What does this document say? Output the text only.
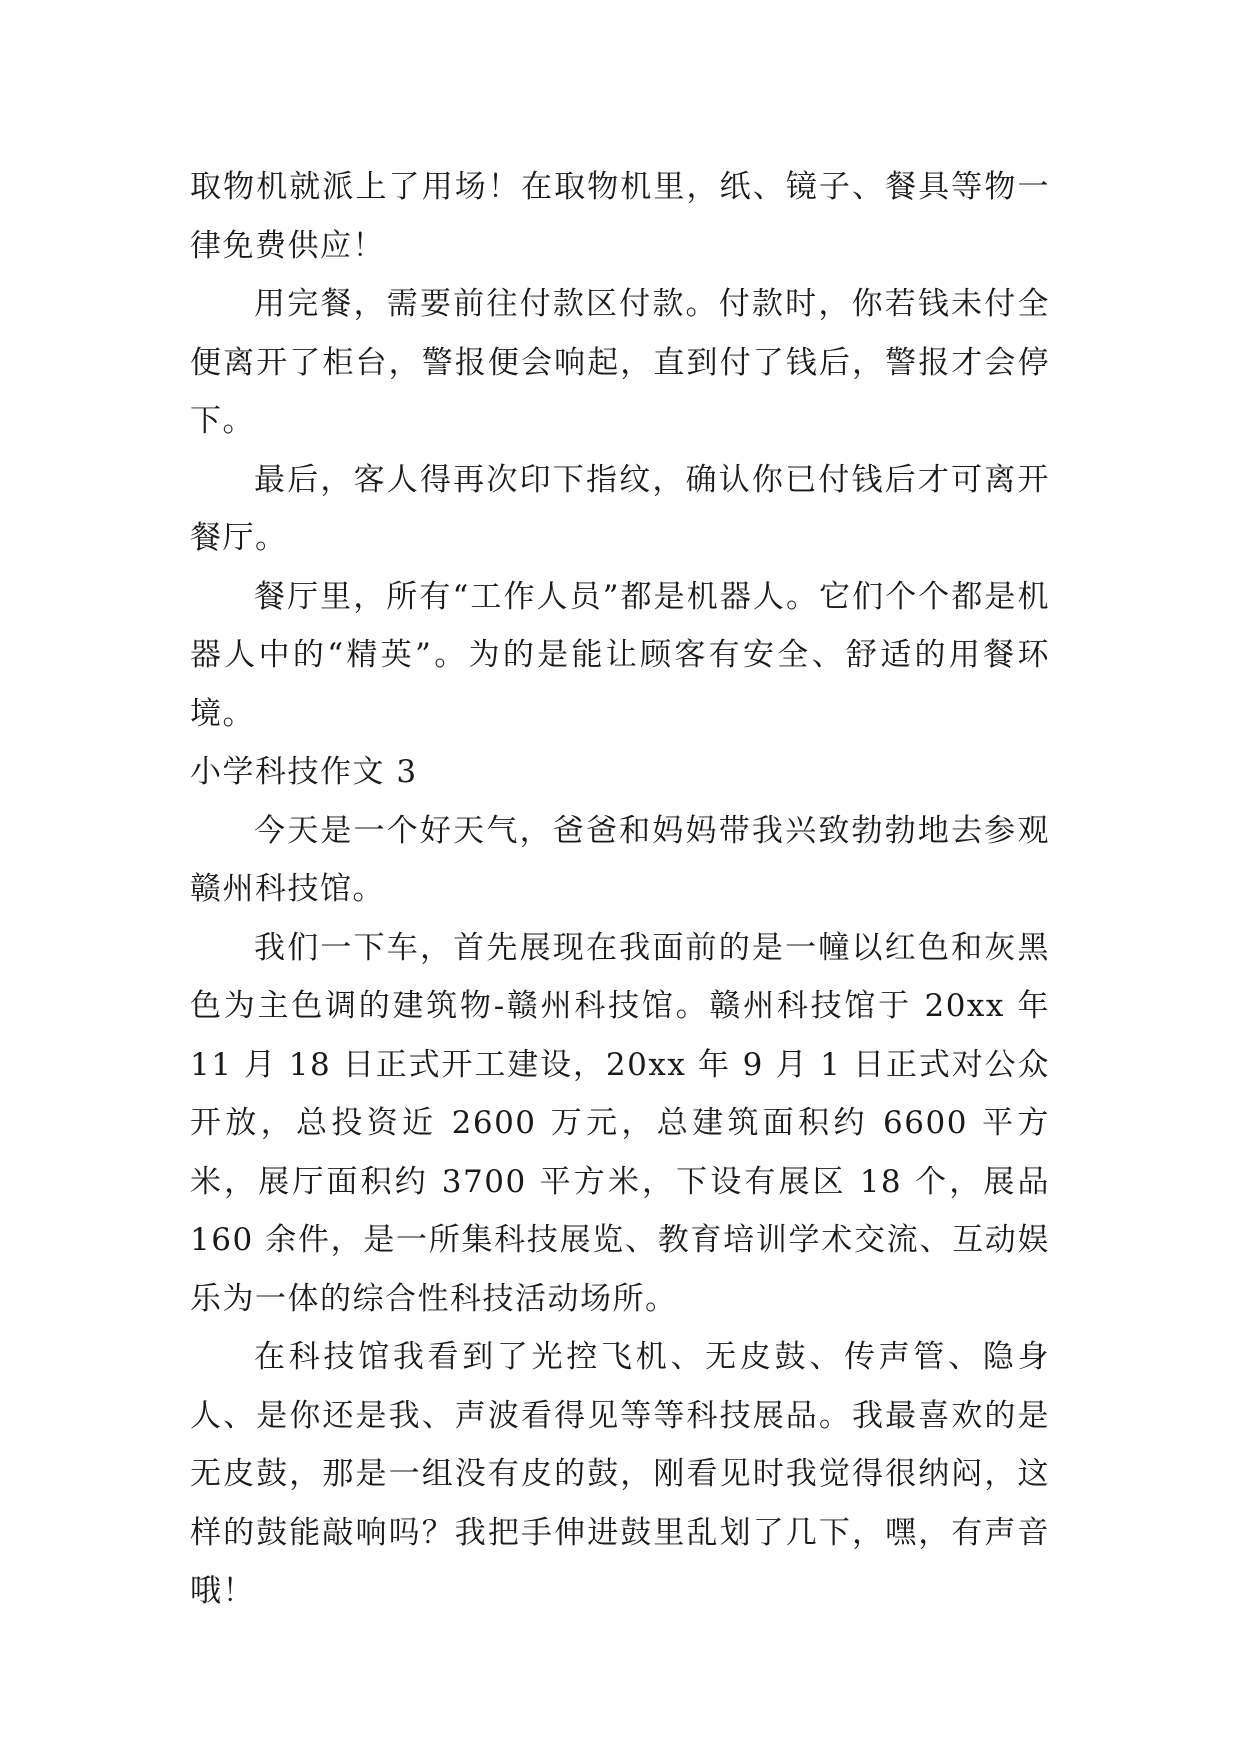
取物机就派上了用场！在取物机里，纸、镜子、餐具等物一律免费供应！

用完餐，需要前往付款区付款。付款时，你若钱未付全便离开了柜台，警报便会响起，直到付了钱后，警报才会停下。

最后，客人得再次印下指纹，确认你已付钱后才可离开餐厅。

餐厅里，所有“工作人员”都是机器人。它们个个都是机器人中的“精英”。为的是能让顾客有安全、舒适的用餐环境。

小学科技作文 3

今天是一个好天气，爸爸和妈妈带我兴致勃勃地去参观赣州科技馆。

我们一下车，首先展现在我面前的是一幢以红色和灰黑色为主色调的建筑物-赣州科技馆。赣州科技馆于 20xx 年 11 月 18 日正式开工建设，20xx 年 9 月 1 日正式对公众开放，总投资近 2600 万元，总建筑面积约 6600 平方米，展厅面积约 3700 平方米，下设有展区 18 个，展品 160 余件，是一所集科技展览、教育培训学术交流、互动娱乐为一体的综合性科技活动场所。

在科技馆我看到了光控飞机、无皮鼓、传声管、隐身人、是你还是我、声波看得见等等科技展品。我最喜欢的是无皮鼓，那是一组没有皮的鼓，刚看见时我觉得很纳闷，这样的鼓能敲响吗？我把手伸进鼓里乱划了几下，嘿，有声音哦！
